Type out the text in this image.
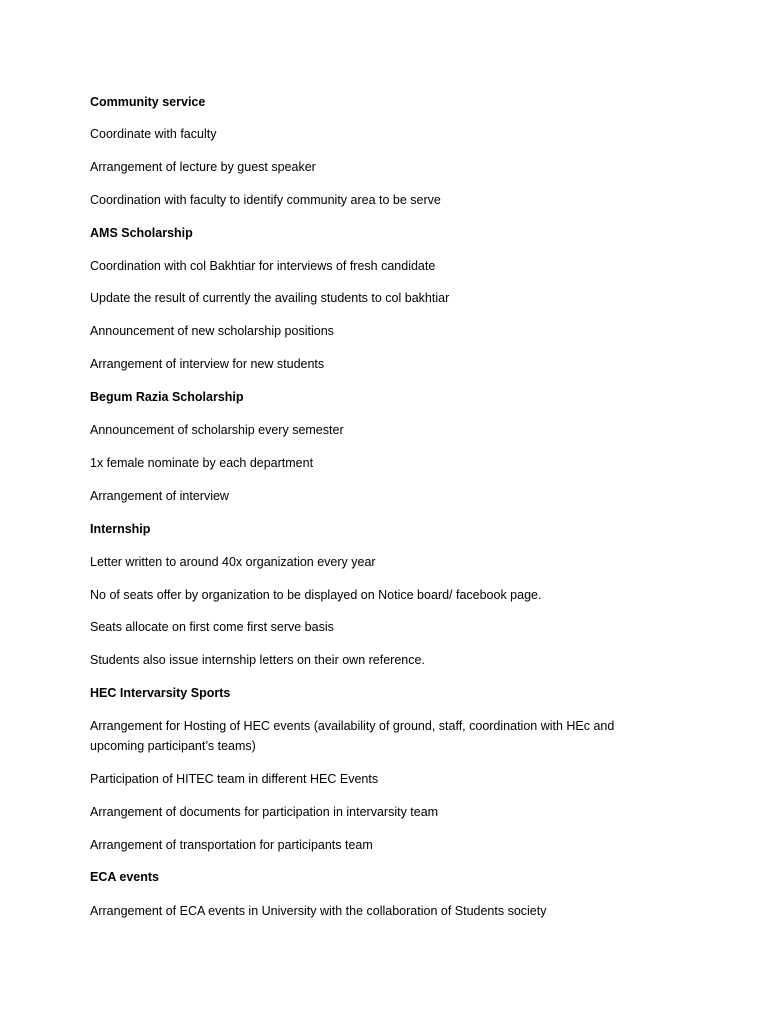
Community service
Coordinate with faculty
Arrangement of lecture by guest speaker
Coordination with faculty to identify community area to be serve
AMS Scholarship
Coordination with col Bakhtiar for interviews of fresh candidate
Update the result of currently the availing students to col bakhtiar
Announcement of new scholarship positions
Arrangement of interview for new students
Begum Razia Scholarship
Announcement of scholarship every semester
1x female nominate by each department
Arrangement of interview
Internship
Letter written to around 40x organization every year
No of seats offer by organization to be displayed on Notice board/ facebook page.
Seats allocate on first come first serve basis
Students also issue internship letters on their own reference.
HEC Intervarsity Sports
Arrangement for Hosting of HEC events (availability of ground, staff, coordination with HEc and upcoming participant’s teams)
Participation of HITEC team in different HEC Events
Arrangement of documents for participation in intervarsity team
Arrangement of transportation for participants team
ECA events
Arrangement of ECA events in University with the collaboration of Students society
